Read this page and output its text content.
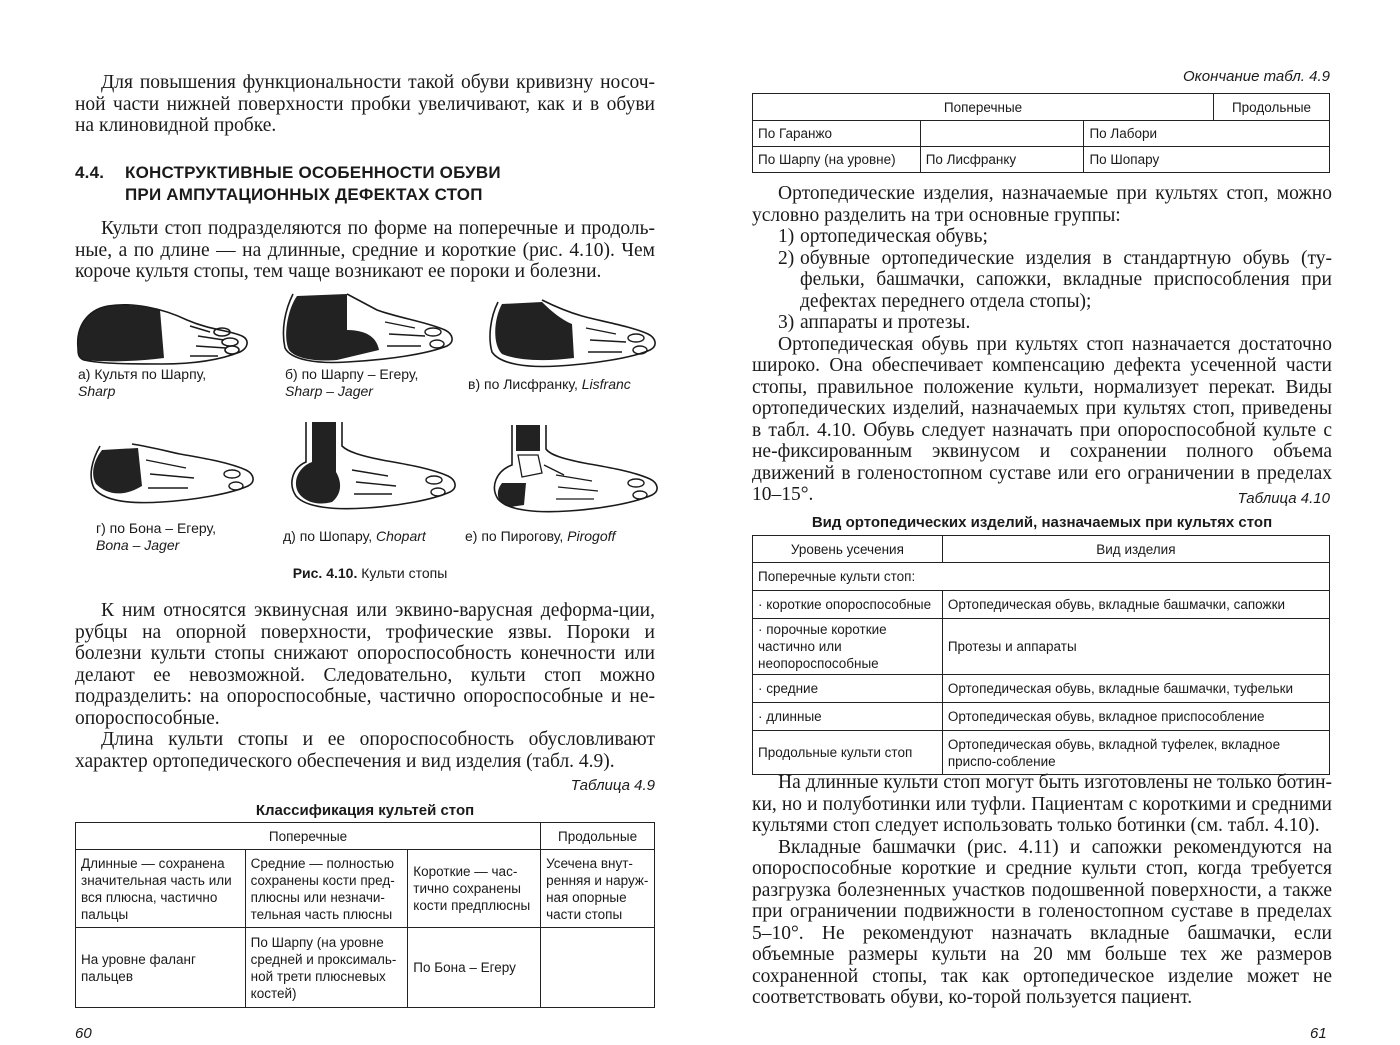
Для повышения функциональности такой обуви кривизну носоч-ной части нижней поверхности пробки увеличивают, как и в обуви на клиновидной пробке.

4.4. КОНСТРУКТИВНЫЕ ОСОБЕННОСТИ ОБУВИ
ПРИ АМПУТАЦИОННЫХ ДЕФЕКТАХ СТОП

Культи стоп подразделяются по форме на поперечные и продоль-ные, а по длине — на длинные, средние и короткие (рис. 4.10). Чем короче культя стопы, тем чаще возникают ее пороки и болезни.

а) Культя по Шарпу,
Sharp
б) по Шарпу – Егеру,
Sharp – Jager	в) по Лисфранку, Lisfranc
г) по Бона – Егеру,
Bona – Jager
д) по Шопару, Chopart	е) по Пирогову, Pirogoff
Рис. 4.10. Культи стопы

К ним относятся эквинусная или эквино-варусная деформа-ции, рубцы на опорной поверхности, трофические язвы. Пороки и болезни культи стопы снижают опороспособность конечности или делают ее невозможной. Следовательно, культи стоп можно подразделить: на опороспособные, частично опороспособные и не-опороспособные.

Длина культи стопы и ее опороспособность обусловливают характер ортопедического обеспечения и вид изделия (табл. 4.9).

Таблица 4.9
Классификация культей стоп
Поперечные			Продольные
Длинные — сохранена значительная часть или вся плюсна, частично пальцы	Средние — полностью сохранены кости пред-плюсны или незначи-тельная часть плюсны	Короткие — час-тично сохранены кости предплюсны	Усечена внут-ренняя и наруж-ная опорные части стопы
На уровне фаланг пальцев	По Шарпу (на уровне средней и проксималь-ной трети плюсневых костей)	По Бона – Егеру	
60
Окончание табл. 4.9
Поперечные			Продольные
По Гаранжо		По Лабори	
По Шарпу (на уровне)	По Лисфранку	По Шопару	

Ортопедические изделия, назначаемые при культях стоп, можно условно разделить на три основные группы:

1) ортопедическая обувь;
2) обувные ортопедические изделия в стандартную обувь (ту-фельки, башмачки, сапожки, вкладные приспособления при дефектах переднего отдела стопы);
3) аппараты и протезы.

Ортопедическая обувь при культях стоп назначается достаточно широко. Она обеспечивает компенсацию дефекта усеченной части стопы, правильное положение культи, нормализует перекат. Виды ортопедических изделий, назначаемых при культях стоп, приведены в табл. 4.10. Обувь следует назначать при опороспособной культе с не-фиксированным эквинусом и сохранении полного объема движений в голеностопном суставе или его ограничении в пределах 10–15°.	Таблица 4.10
Вид ортопедических изделий, назначаемых при культях стоп
Уровень усечения	Вид изделия
Поперечные культи стоп:	
· короткие опороспособные	Ортопедическая обувь, вкладные башмачки, сапожки
· порочные короткие частично или неопороспособные	Протезы и аппараты
· средние	Ортопедическая обувь, вкладные башмачки, туфельки
· длинные	Ортопедическая обувь, вкладное приспособление
Продольные культи стоп	Ортопедическая обувь, вкладной туфелек, вкладное приспо-собление

На длинные культи стоп могут быть изготовлены не только ботин-ки, но и полуботинки или туфли. Пациентам с короткими и средними культями стоп следует использовать только ботинки (см. табл. 4.10).

Вкладные башмачки (рис. 4.11) и сапожки рекомендуются на опороспособные короткие и средние культи стоп, когда требуется разгрузка болезненных участков подошвенной поверхности, а также при ограничении подвижности в голеностопном суставе в пределах 5–10°. Не рекомендуют назначать вкладные башмачки, если объемные размеры культи на 20 мм больше тех же размеров сохраненной стопы, так как ортопедическое изделие может не соответствовать обуви, ко-торой пользуется пациент.

61
